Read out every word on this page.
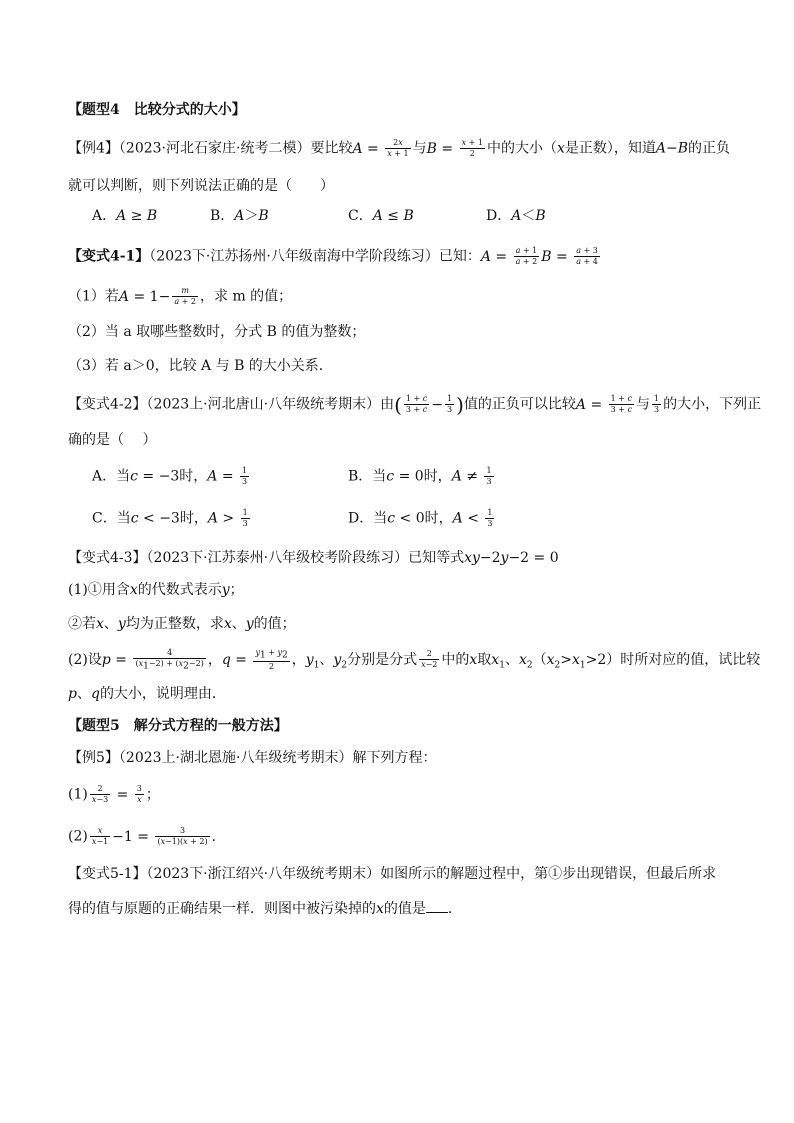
【题型4　比较分式的大小】
【例4】（2023·河北石家庄·统考二模）要比较$A = \frac{2x}{x + 1}$ 与$B = \frac{x + 1}{2}$ 中的大小（x是正数），知道A−B的正负
就可以判断，则下列说法正确的是（　　）
A．A ≥ B	B．A＞B	C．A ≤ B	D．A＜B
【变式4-1】（2023下·江苏扬州·八年级南海中学阶段练习）已知：$A = \frac{a + 1}{a + 2}$ $B = \frac{a + 3}{a + 4}$
（1）若$A = 1- \frac{m}{a + 2}$ ，求 m 的值；
（2）当 a 取哪些整数时，分式 B 的值为整数；
（3）若 a＞0，比较 A 与 B 的大小关系．
【变式4-2】（2023上·河北唐山·八年级统考期末）由( $\frac{1 + c}{3 + c} - \frac{1}{3}$ )值的正负可以比较$A = \frac{1 + c}{3 + c}$ 与 $\frac{1}{3}$ 的大小，下列正
确的是（　 ）
A．当c = −3时，$A = \frac{1}{3}$	B．当c = 0时，$A \ne \frac{1}{3}$
C．当c < −3时，$A > \frac{1}{3}$	D．当c < 0时，$A < \frac{1}{3}$
【变式4-3】（2023下·江苏泰州·八年级校考阶段练习）已知等式xy−2y−2 = 0
(1)①用含x的代数式表示y；
②若x、y均为正整数，求x、y的值；
(2)设$p = \frac{4}{(x_1-2) + (x_2-2)}$ ，$q = \frac{y_1 + y_2}{2}$ ，$y_1$、$y_2$分别是分式 $\frac{2}{x-2}$ 中的x取$x_1$、$x_2(x_2>x_1>2)$时所对应的值，试比较
p、q的大小，说明理由．
【题型5　解分式方程的一般方法】
【例5】（2023上·湖北恩施·八年级统考期末）解下列方程：
$(1) \frac{2}{x-3} = \frac{3}{x}$ ；
$(2) \frac{x}{x-1} -1 = \frac{3}{(x-1)(x + 2)}$ ．
【变式5-1】（2023下·浙江绍兴·八年级统考期末）如图所示的解题过程中，第①步出现错误，但最后所求
得的值与原题的正确结果一样．则图中被污染掉的x的值是 ．
